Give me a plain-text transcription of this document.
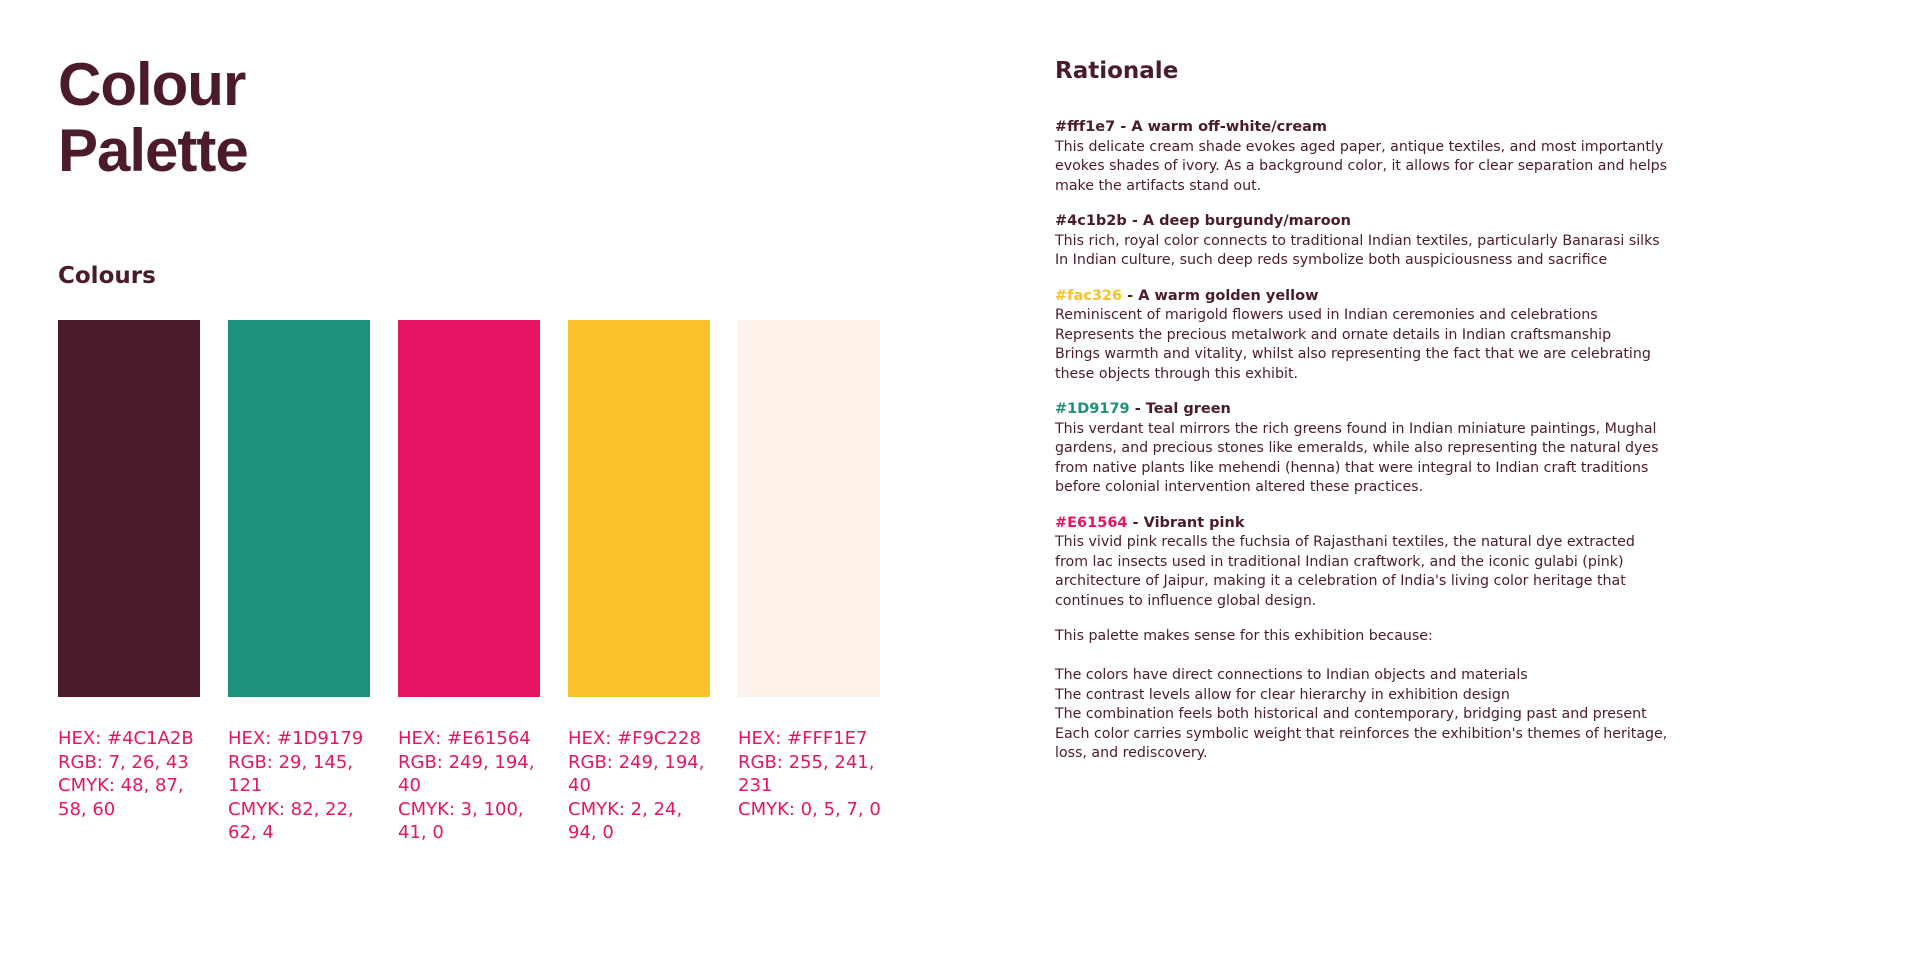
Colour
Palette
Colours
HEX: #4C1A2B
RGB: 7, 26, 43
CMYK: 48, 87,
58, 60
HEX: #1D9179
RGB: 29, 145, 121
CMYK: 82, 22,
62, 4
HEX: #E61564
RGB: 249, 194,
40
CMYK: 3, 100,
41, 0
HEX: #F9C228
RGB: 249, 194,
40
CMYK: 2, 24,
94, 0
HEX: #FFF1E7
RGB: 255, 241,
231
CMYK: 0, 5, 7, 0
Rationale
#fff1e7 - A warm off-white/cream
This delicate cream shade evokes aged paper, antique textiles, and most importantly
evokes shades of ivory. As a background color, it allows for clear separation and helps
make the artifacts stand out.
#4c1b2b - A deep burgundy/maroon
This rich, royal color connects to traditional Indian textiles, particularly Banarasi silks
In Indian culture, such deep reds symbolize both auspiciousness and sacrifice
#fac326 - A warm golden yellow
Reminiscent of marigold flowers used in Indian ceremonies and celebrations
Represents the precious metalwork and ornate details in Indian craftsmanship
Brings warmth and vitality, whilst also representing the fact that we are celebrating
these objects through this exhibit.
#1D9179 - Teal green
This verdant teal mirrors the rich greens found in Indian miniature paintings, Mughal
gardens, and precious stones like emeralds, while also representing the natural dyes
from native plants like mehendi (henna) that were integral to Indian craft traditions
before colonial intervention altered these practices.
#E61564 - Vibrant pink
This vivid pink recalls the fuchsia of Rajasthani textiles, the natural dye extracted
from lac insects used in traditional Indian craftwork, and the iconic gulabi (pink)
architecture of Jaipur, making it a celebration of India's living color heritage that
continues to influence global design.
This palette makes sense for this exhibition because:
The colors have direct connections to Indian objects and materials
The contrast levels allow for clear hierarchy in exhibition design
The combination feels both historical and contemporary, bridging past and present
Each color carries symbolic weight that reinforces the exhibition's themes of heritage,
loss, and rediscovery.
